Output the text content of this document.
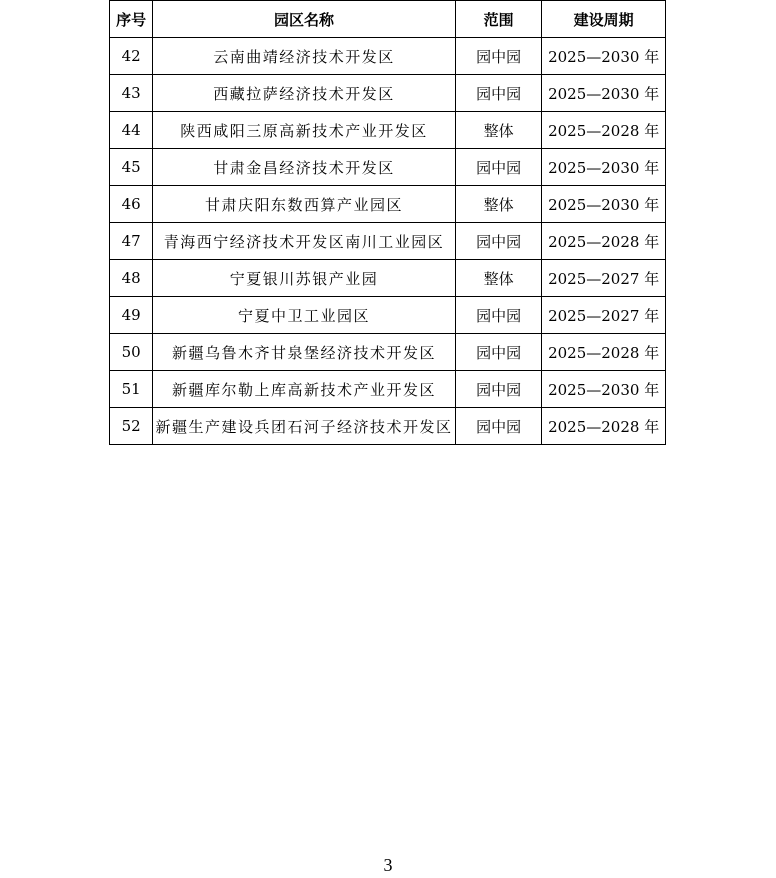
序号	园区名称	范围	建设周期
42	云南曲靖经济技术开发区	园中园	2025—2030 年
43	西藏拉萨经济技术开发区	园中园	2025—2030 年
44	陕西咸阳三原高新技术产业开发区	整体	2025—2028 年
45	甘肃金昌经济技术开发区	园中园	2025—2030 年
46	甘肃庆阳东数西算产业园区	整体	2025—2030 年
47	青海西宁经济技术开发区南川工业园区	园中园	2025—2028 年
48	宁夏银川苏银产业园	整体	2025—2027 年
49	宁夏中卫工业园区	园中园	2025—2027 年
50	新疆乌鲁木齐甘泉堡经济技术开发区	园中园	2025—2028 年
51	新疆库尔勒上库高新技术产业开发区	园中园	2025—2030 年
52	新疆生产建设兵团石河子经济技术开发区	园中园	2025—2028 年
3
